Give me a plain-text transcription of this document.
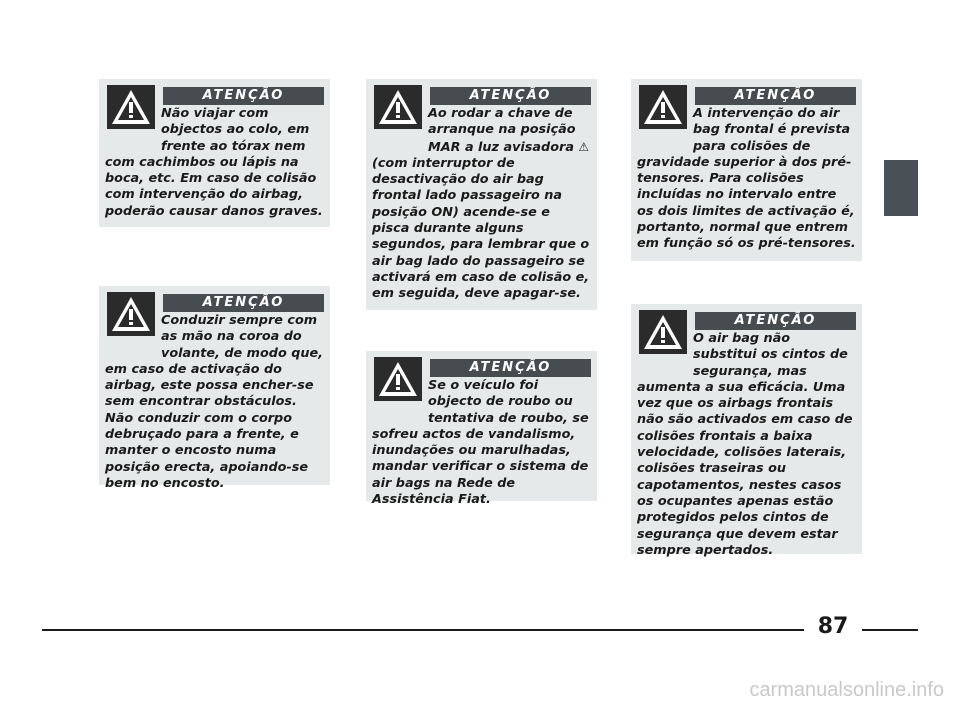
ATENÇÃO

Não viajar com objectos ao colo, em frente ao tórax nem com cachimbos ou lápis na boca, etc. Em caso de colisão com intervenção do airbag, poderão causar danos graves.

ATENÇÃO

Conduzir sempre com as mão na coroa do volante, de modo que, em caso de activação do airbag, este possa encher-se sem encontrar obstáculos. Não conduzir com o corpo debruçado para a frente, e manter o encosto numa posição erecta, apoiando-se bem no encosto.

ATENÇÃO

Ao rodar a chave de arranque na posição MAR a luz avisadora ⚠ (com interruptor de desactivação do air bag frontal lado passageiro na posição ON) acende-se e pisca durante alguns segundos, para lembrar que o air bag lado do passageiro se activará em caso de colisão e, em seguida, deve apagar-se.

ATENÇÃO

Se o veículo foi objecto de roubo ou tentativa de roubo, se sofreu actos de vandalismo, inundações ou marulhadas, mandar verificar o sistema de air bags na Rede de Assistência Fiat.

ATENÇÃO

A intervenção do air bag frontal é prevista para colisões de gravidade superior à dos pré-tensores. Para colisões incluídas no intervalo entre os dois limites de activação é, portanto, normal que entrem em função só os pré-tensores.

ATENÇÃO

O air bag não substitui os cintos de segurança, mas aumenta a sua eficácia. Uma vez que os airbags frontais não são activados em caso de colisões frontais a baixa velocidade, colisões laterais, colisões traseiras ou capotamentos, nestes casos os ocupantes apenas estão protegidos pelos cintos de segurança que devem estar sempre apertados.

87
carmanualsonline.info
